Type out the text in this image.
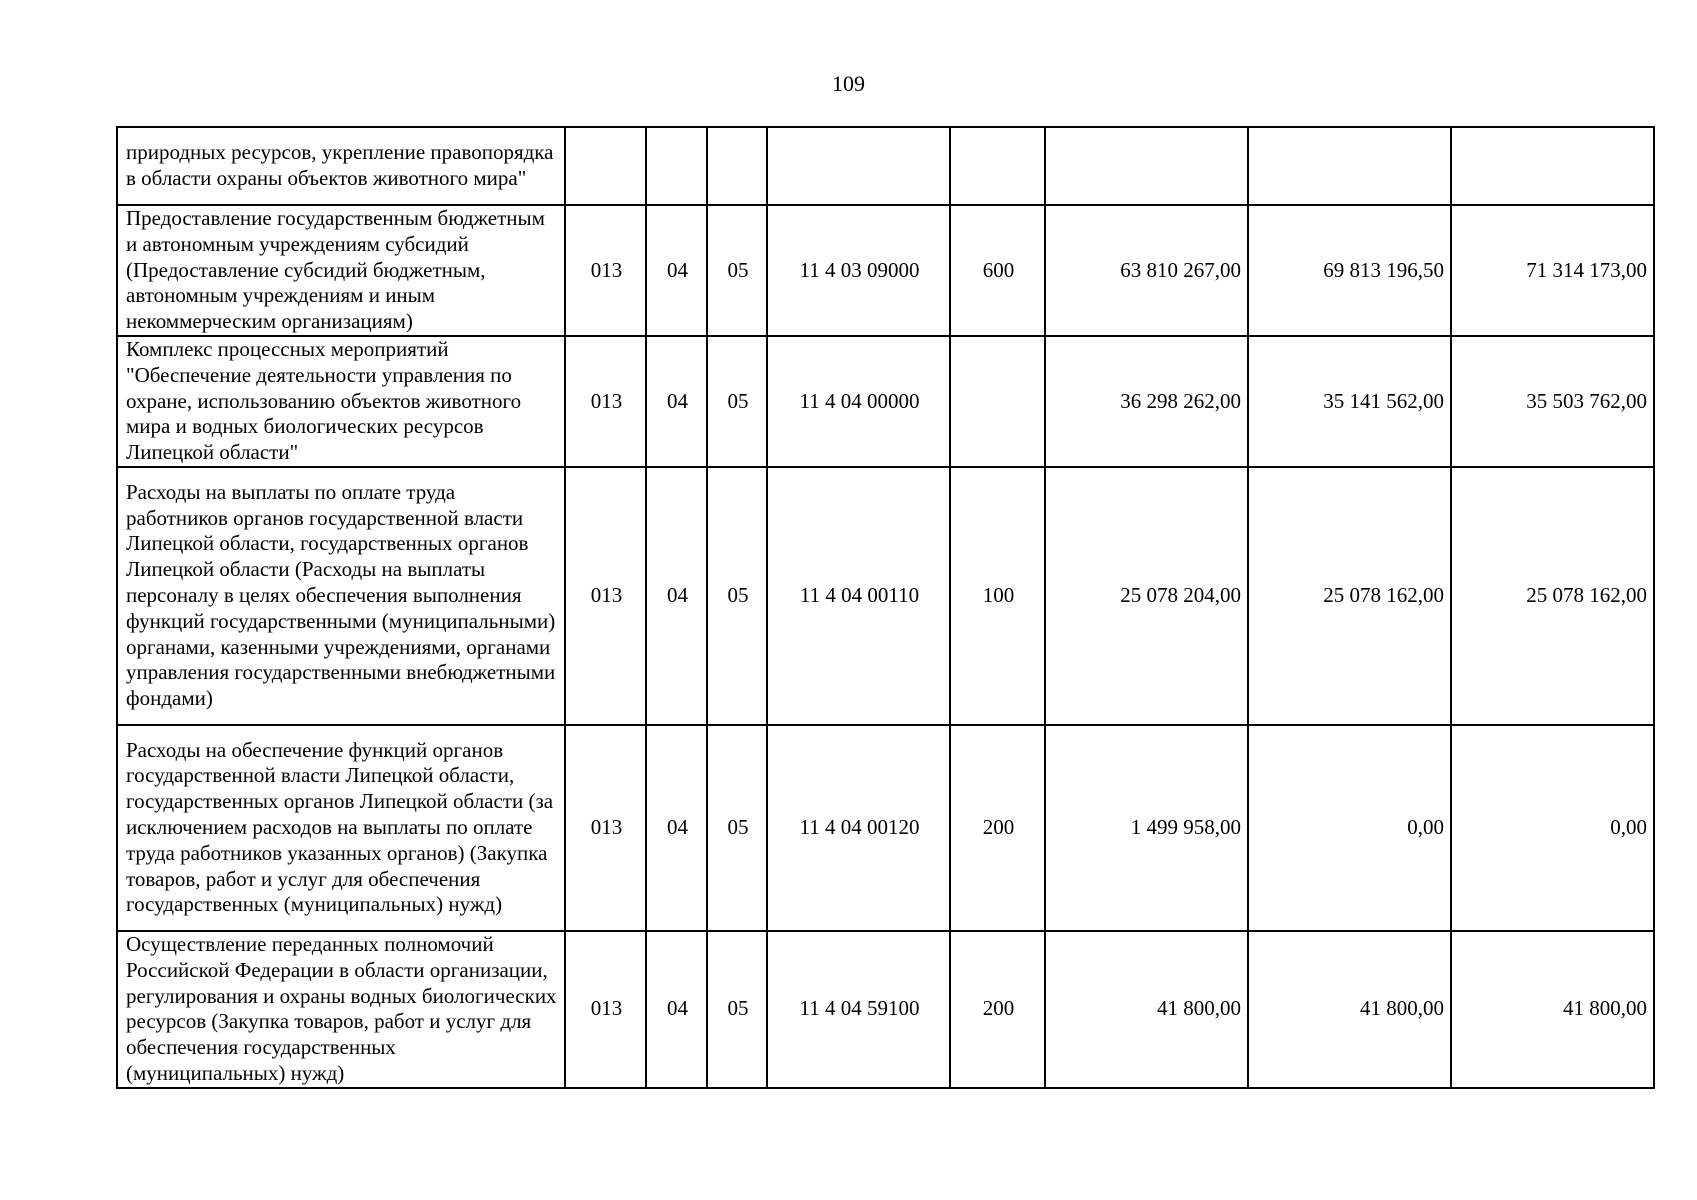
109
природных ресурсов, укрепление правопорядка в области охраны объектов животного мира"								
Предоставление государственным бюджетным и автономным учреждениям субсидий (Предоставление субсидий бюджетным, автономным учреждениям и иным некоммерческим организациям)	013	04	05	11 4 03 09000	600	63 810 267,00	69 813 196,50	71 314 173,00
Комплекс процессных мероприятий "Обеспечение деятельности управления по охране, использованию объектов животного мира и водных биологических ресурсов Липецкой области"	013	04	05	11 4 04 00000		36 298 262,00	35 141 562,00	35 503 762,00
Расходы на выплаты по оплате труда работников органов государственной власти Липецкой области, государственных органов Липецкой области (Расходы на выплаты персоналу в целях обеспечения выполнения функций государственными (муниципальными) органами, казенными учреждениями, органами управления государственными внебюджетными фондами)	013	04	05	11 4 04 00110	100	25 078 204,00	25 078 162,00	25 078 162,00
Расходы на обеспечение функций органов государственной власти Липецкой области, государственных органов Липецкой области (за исключением расходов на выплаты по оплате труда работников указанных органов) (Закупка товаров, работ и услуг для обеспечения государственных (муниципальных) нужд)	013	04	05	11 4 04 00120	200	1 499 958,00	0,00	0,00
Осуществление переданных полномочий Российской Федерации в области организации, регулирования и охраны водных биологических ресурсов (Закупка товаров, работ и услуг для обеспечения государственных (муниципальных) нужд)	013	04	05	11 4 04 59100	200	41 800,00	41 800,00	41 800,00
